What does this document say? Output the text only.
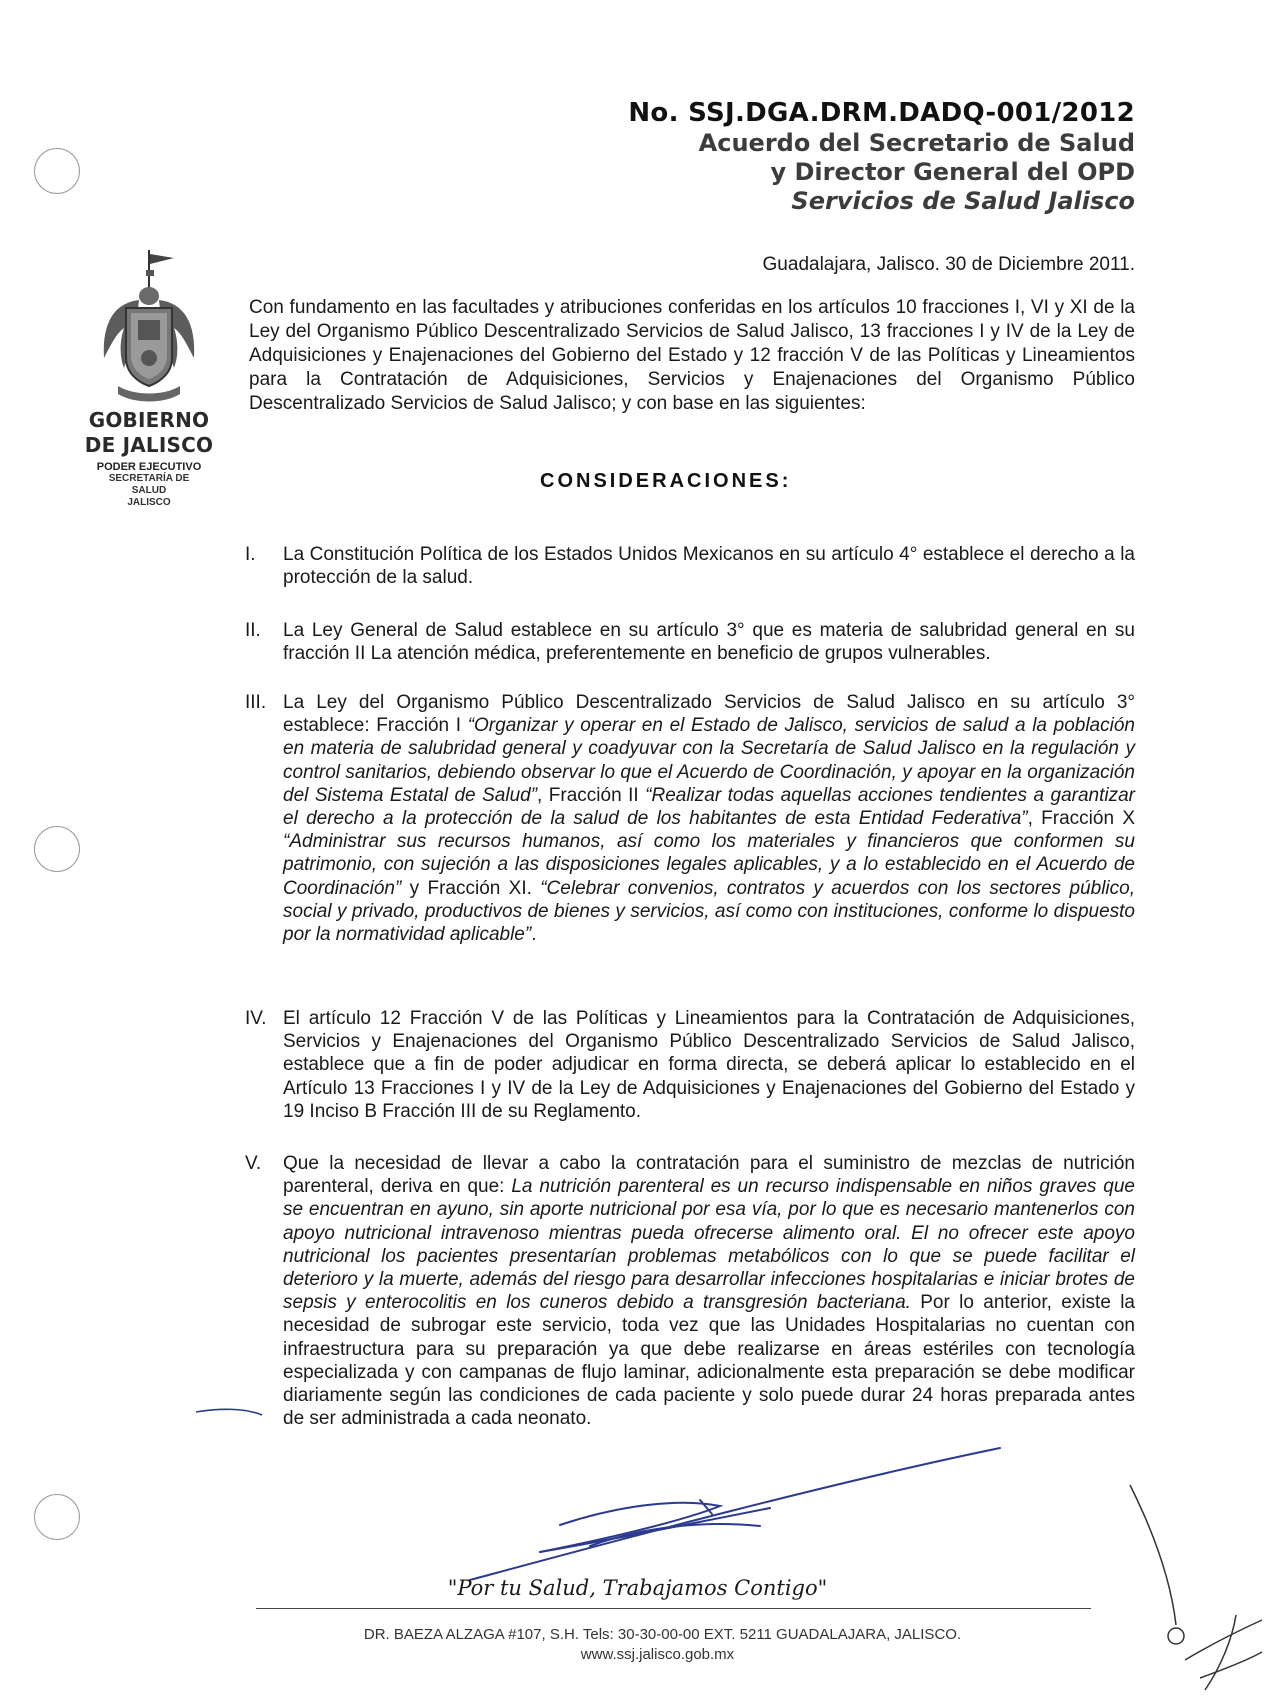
No. SSJ.DGA.DRM.DADQ-001/2012
Acuerdo del Secretario de Salud
y Director General del OPD
Servicios de Salud Jalisco
Guadalajara, Jalisco. 30 de Diciembre 2011.
GOBIERNO
DE JALISCO
PODER EJECUTIVO
SECRETARÍA DE
SALUD
JALISCO
Con fundamento en las facultades y atribuciones conferidas en los artículos 10 fracciones I, VI y XI de la Ley del Organismo Público Descentralizado Servicios de Salud Jalisco, 13 fracciones I y IV de la Ley de Adquisiciones y Enajenaciones del Gobierno del Estado y 12 fracción V de las Políticas y Lineamientos para la Contratación de Adquisiciones, Servicios y Enajenaciones del Organismo Público Descentralizado Servicios de Salud Jalisco; y con base en las siguientes:
CONSIDERACIONES:
I. La Constitución Política de los Estados Unidos Mexicanos en su artículo 4° establece el derecho a la protección de la salud.
II. La Ley General de Salud establece en su artículo 3° que es materia de salubridad general en su fracción II La atención médica, preferentemente en beneficio de grupos vulnerables.
III. La Ley del Organismo Público Descentralizado Servicios de Salud Jalisco en su artículo 3° establece: Fracción I “Organizar y operar en el Estado de Jalisco, servicios de salud a la población en materia de salubridad general y coadyuvar con la Secretaría de Salud Jalisco en la regulación y control sanitarios, debiendo observar lo que el Acuerdo de Coordinación, y apoyar en la organización del Sistema Estatal de Salud”, Fracción II “Realizar todas aquellas acciones tendientes a garantizar el derecho a la protección de la salud de los habitantes de esta Entidad Federativa”, Fracción X “Administrar sus recursos humanos, así como los materiales y financieros que conformen su patrimonio, con sujeción a las disposiciones legales aplicables, y a lo establecido en el Acuerdo de Coordinación” y Fracción XI. “Celebrar convenios, contratos y acuerdos con los sectores público, social y privado, productivos de bienes y servicios, así como con instituciones, conforme lo dispuesto por la normatividad aplicable”.
IV. El artículo 12 Fracción V de las Políticas y Lineamientos para la Contratación de Adquisiciones, Servicios y Enajenaciones del Organismo Público Descentralizado Servicios de Salud Jalisco, establece que a fin de poder adjudicar en forma directa, se deberá aplicar lo establecido en el Artículo 13 Fracciones I y IV de la Ley de Adquisiciones y Enajenaciones del Gobierno del Estado y 19 Inciso B Fracción III de su Reglamento.
V. Que la necesidad de llevar a cabo la contratación para el suministro de mezclas de nutrición parenteral, deriva en que: La nutrición parenteral es un recurso indispensable en niños graves que se encuentran en ayuno, sin aporte nutricional por esa vía, por lo que es necesario mantenerlos con apoyo nutricional intravenoso mientras pueda ofrecerse alimento oral. El no ofrecer este apoyo nutricional los pacientes presentarían problemas metabólicos con lo que se puede facilitar el deterioro y la muerte, además del riesgo para desarrollar infecciones hospitalarias e iniciar brotes de sepsis y enterocolitis en los cuneros debido a transgresión bacteriana. Por lo anterior, existe la necesidad de subrogar este servicio, toda vez que las Unidades Hospitalarias no cuentan con infraestructura para su preparación ya que debe realizarse en áreas estériles con tecnología especializada y con campanas de flujo laminar, adicionalmente esta preparación se debe modificar diariamente según las condiciones de cada paciente y solo puede durar 24 horas preparada antes de ser administrada a cada neonato.
"Por tu Salud, Trabajamos Contigo"
DR. BAEZA ALZAGA #107, S.H. Tels: 30-30-00-00 EXT. 5211 GUADALAJARA, JALISCO.
www.ssj.jalisco.gob.mx
